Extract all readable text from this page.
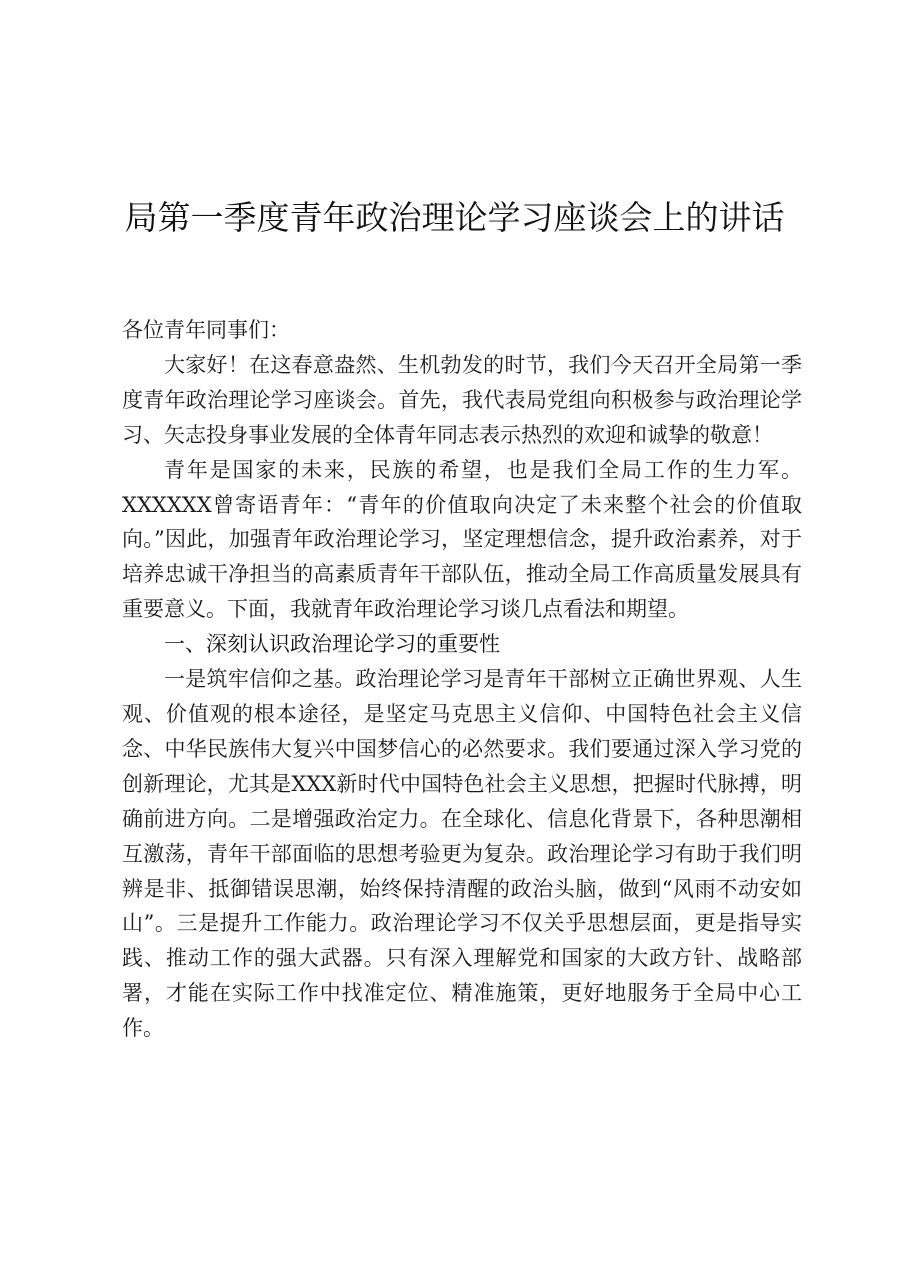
局第一季度青年政治理论学习座谈会上的讲话

各位青年同事们：

大家好！在这春意盎然、生机勃发的时节，我们今天召开全局第一季度青年政治理论学习座谈会。首先，我代表局党组向积极参与政治理论学习、矢志投身事业发展的全体青年同志表示热烈的欢迎和诚挚的敬意！

青年是国家的未来，民族的希望，也是我们全局工作的生力军。XXXXXX曾寄语青年：“青年的价值取向决定了未来整个社会的价值取向。”因此，加强青年政治理论学习，坚定理想信念，提升政治素养，对于培养忠诚干净担当的高素质青年干部队伍，推动全局工作高质量发展具有重要意义。下面，我就青年政治理论学习谈几点看法和期望。

一、深刻认识政治理论学习的重要性

一是筑牢信仰之基。政治理论学习是青年干部树立正确世界观、人生观、价值观的根本途径，是坚定马克思主义信仰、中国特色社会主义信念、中华民族伟大复兴中国梦信心的必然要求。我们要通过深入学习党的创新理论，尤其是XXX新时代中国特色社会主义思想，把握时代脉搏，明确前进方向。二是增强政治定力。在全球化、信息化背景下，各种思潮相互激荡，青年干部面临的思想考验更为复杂。政治理论学习有助于我们明辨是非、抵御错误思潮，始终保持清醒的政治头脑，做到“风雨不动安如山”。三是提升工作能力。政治理论学习不仅关乎思想层面，更是指导实践、推动工作的强大武器。只有深入理解党和国家的大政方针、战略部署，才能在实际工作中找准定位、精准施策，更好地服务于全局中心工作。
